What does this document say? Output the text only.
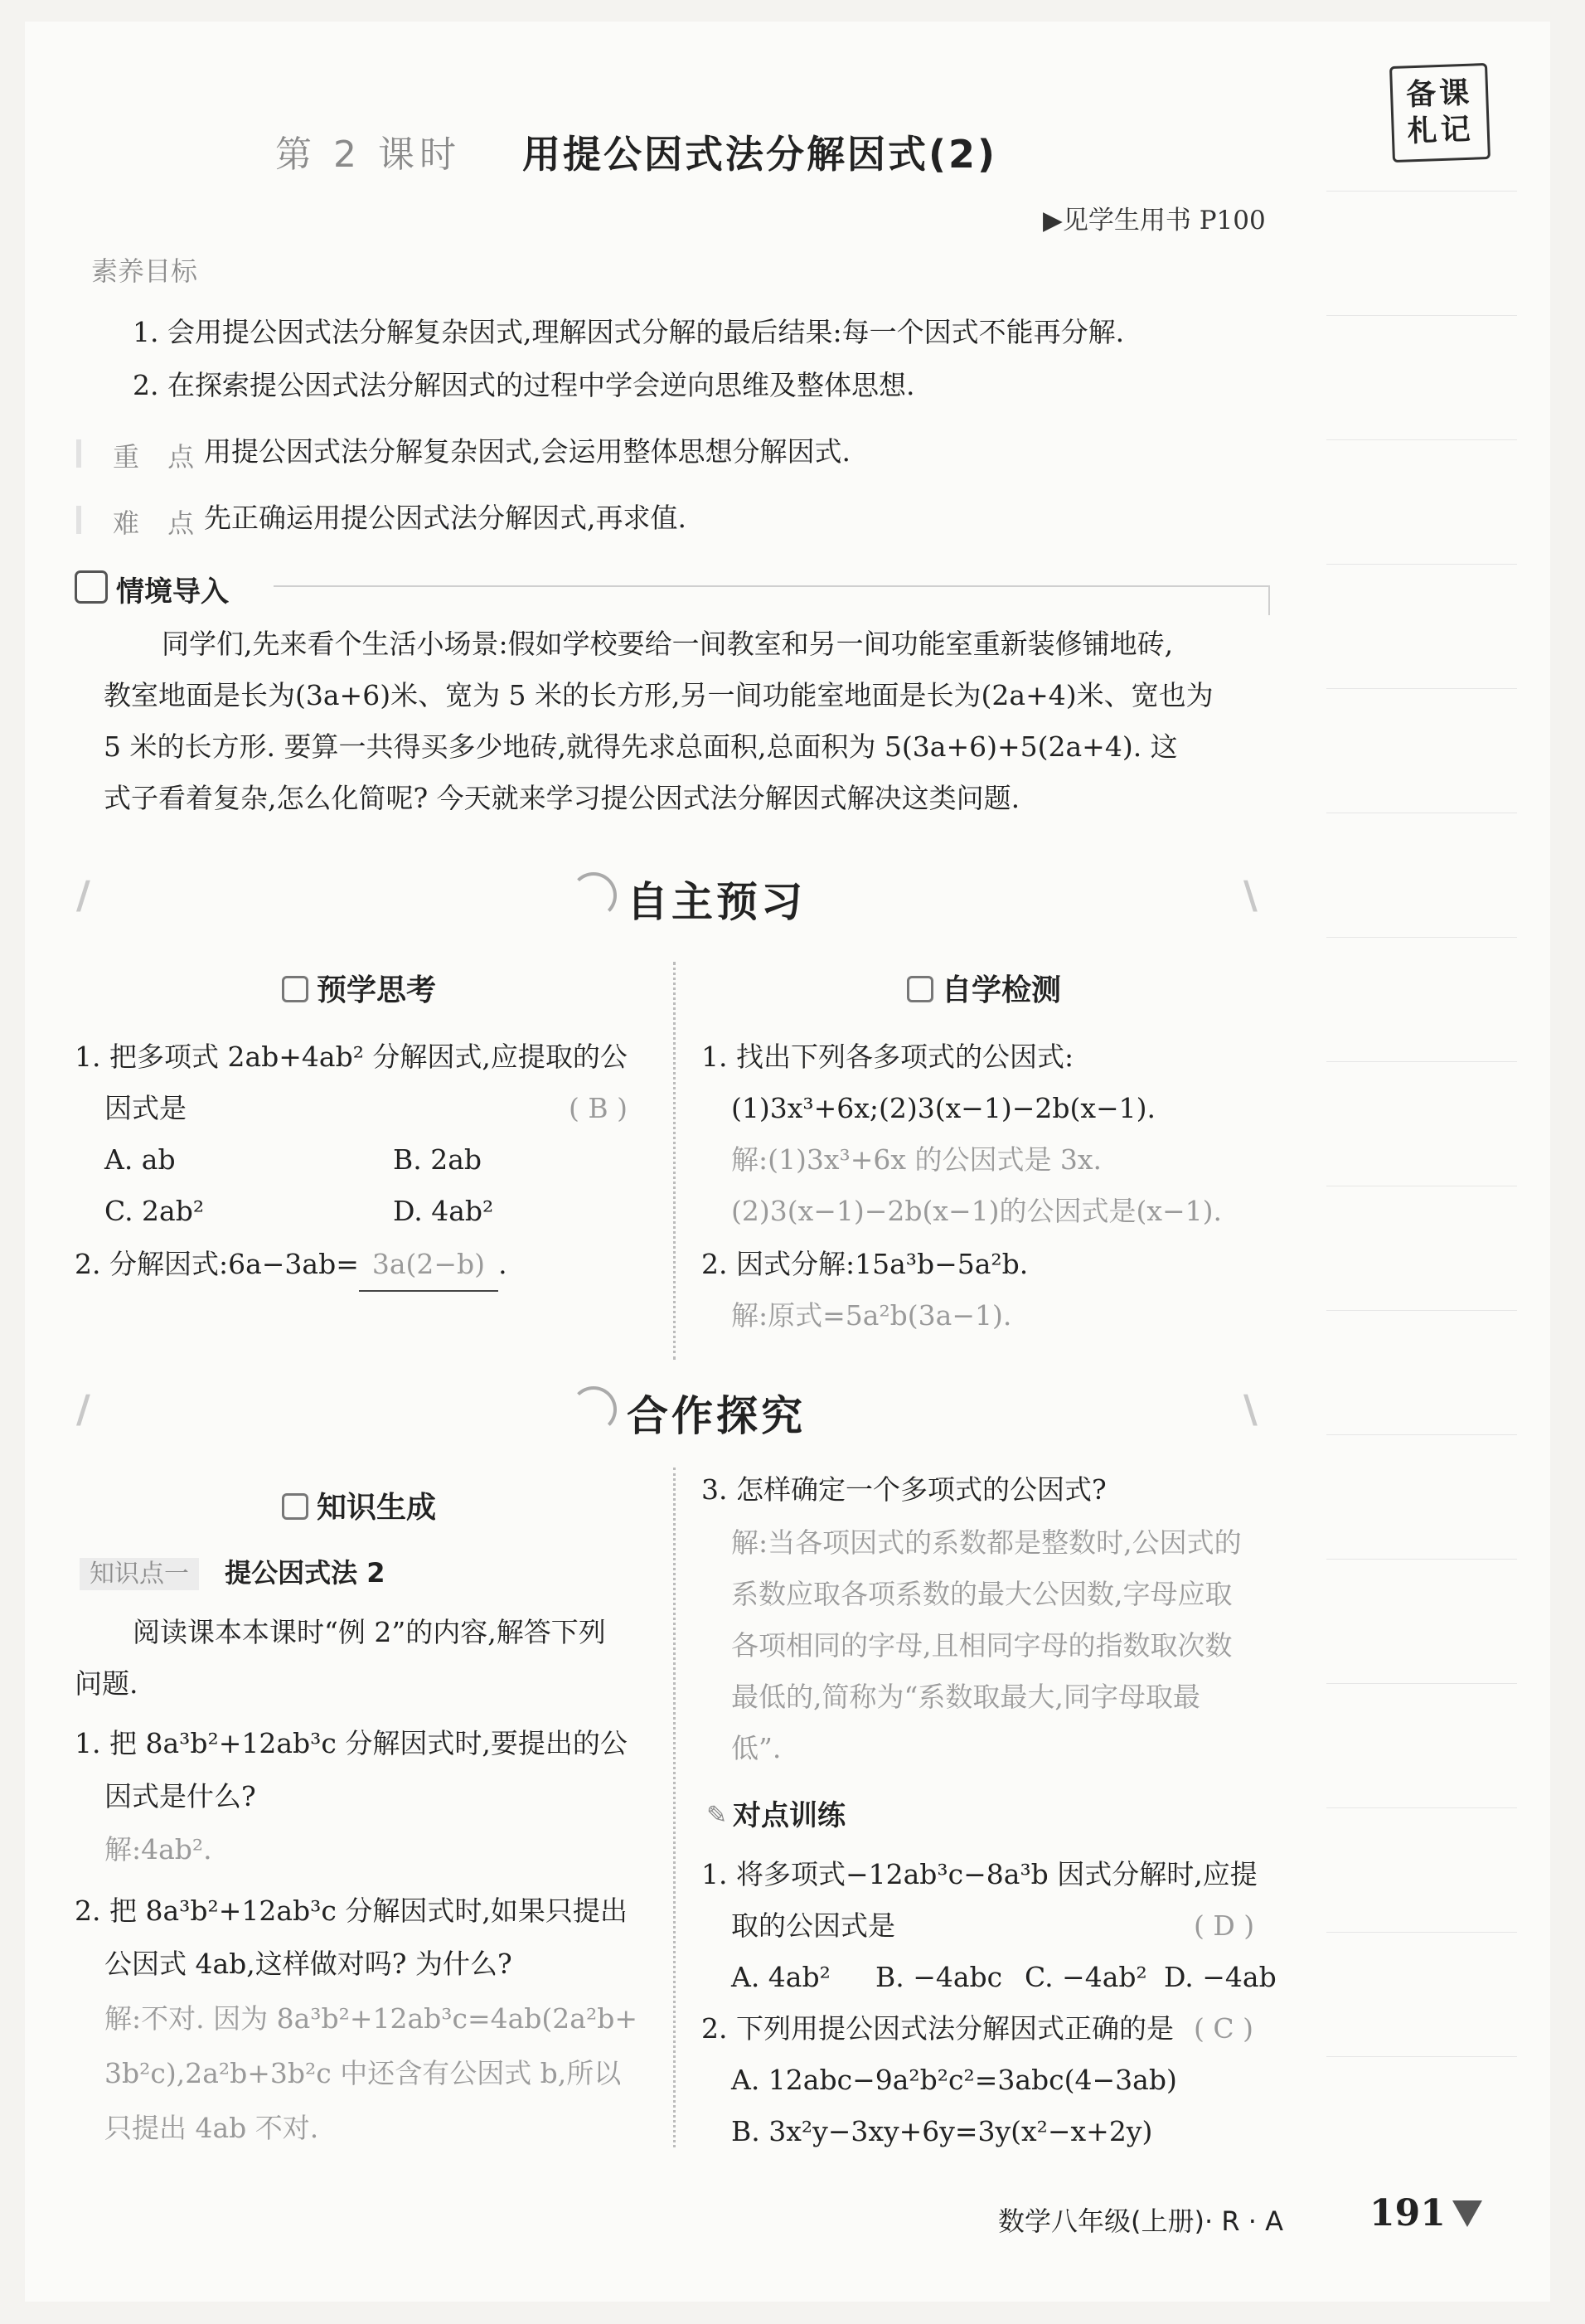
备课
札记
第 2 课时 用提公因式法分解因式(2)
▶见学生用书 P100
素养目标
1. 会用提公因式法分解复杂因式,理解因式分解的最后结果:每一个因式不能再分解.
2. 在探索提公因式法分解因式的过程中学会逆向思维及整体思想.
重 点 用提公因式法分解复杂因式,会运用整体思想分解因式.
难 点 先正确运用提公因式法分解因式,再求值.
情境导入
同学们,先来看个生活小场景:假如学校要给一间教室和另一间功能室重新装修铺地砖,
教室地面是长为(3a+6)米、宽为 5 米的长方形,另一间功能室地面是长为(2a+4)米、宽也为
5 米的长方形. 要算一共得买多少地砖,就得先求总面积,总面积为 5(3a+6)+5(2a+4). 这
式子看着复杂,怎么化简呢? 今天就来学习提公因式法分解因式解决这类问题.
/	自主预习	\
预学思考	自学检测
1. 把多项式 2ab+4ab² 分解因式,应提取的公
因式是	( B )
A. ab	B. 2ab
C. 2ab²	D. 4ab²
2. 分解因式:6a−3ab= 3a(2−b) .
1. 找出下列各多项式的公因式:
(1)3x³+6x;(2)3(x−1)−2b(x−1).
解:(1)3x³+6x 的公因式是 3x.
(2)3(x−1)−2b(x−1)的公因式是(x−1).
2. 因式分解:15a³b−5a²b.
解:原式=5a²b(3a−1).
/	合作探究	\
知识生成
知识点一 提公因式法 2
阅读课本本课时“例 2”的内容,解答下列
问题.
1. 把 8a³b²+12ab³c 分解因式时,要提出的公
因式是什么?
解:4ab².
2. 把 8a³b²+12ab³c 分解因式时,如果只提出
公因式 4ab,这样做对吗? 为什么?
解:不对. 因为 8a³b²+12ab³c=4ab(2a²b+
3b²c),2a²b+3b²c 中还含有公因式 b,所以
只提出 4ab 不对.
3. 怎样确定一个多项式的公因式?
解:当各项因式的系数都是整数时,公因式的
系数应取各项系数的最大公因数,字母应取
各项相同的字母,且相同字母的指数取次数
最低的,简称为“系数取最大,同字母取最
低”.
✎ 对点训练
1. 将多项式−12ab³c−8a³b 因式分解时,应提
取的公因式是	( D )
A. 4ab² B. −4abc C. −4ab² D. −4ab
2. 下列用提公因式法分解因式正确的是 ( C )
A. 12abc−9a²b²c²=3abc(4−3ab)
B. 3x²y−3xy+6y=3y(x²−x+2y)
数学八年级(上册)· R · A 191
